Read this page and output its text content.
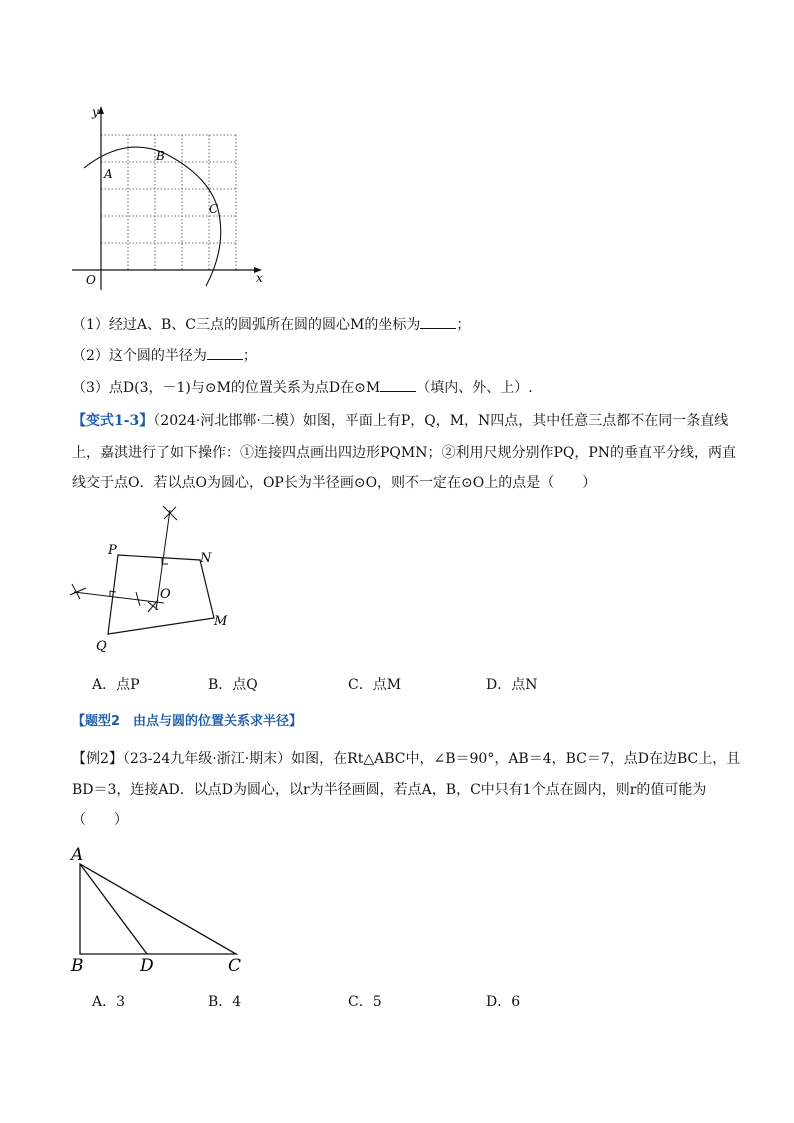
y
x
O
A
B
C
（1）经过A、B、C三点的圆弧所在圆的圆心M的坐标为	；
（2）这个圆的半径为	；
（3）点D(3，－1)与⊙M的位置关系为点D在⊙M	（填内、外、上）.
【变式1-3】（2024·河北邯郸·二模）如图，平面上有P，Q，M，N四点，其中任意三点都不在同一条直线
上，嘉淇进行了如下操作：①连接四点画出四边形PQMN；②利用尺规分别作PQ，PN的垂直平分线，两直
线交于点O．若以点O为圆心，OP长为半径画⊙O，则不一定在⊙O上的点是（　　）
P
N
O
M
Q
A．点P	B．点Q	C．点M	D．点N
【题型2　由点与圆的位置关系求半径】
【例2】（23-24九年级·浙江·期末）如图，在Rt△ABC中，∠B＝90°，AB＝4，BC＝7，点D在边BC上，且
BD＝3，连接AD．以点D为圆心，以r为半径画圆，若点A，B，C中只有1个点在圆内，则r的值可能为
（　　）
A
B	D	C
A．3	B．4	C．5	D．6
